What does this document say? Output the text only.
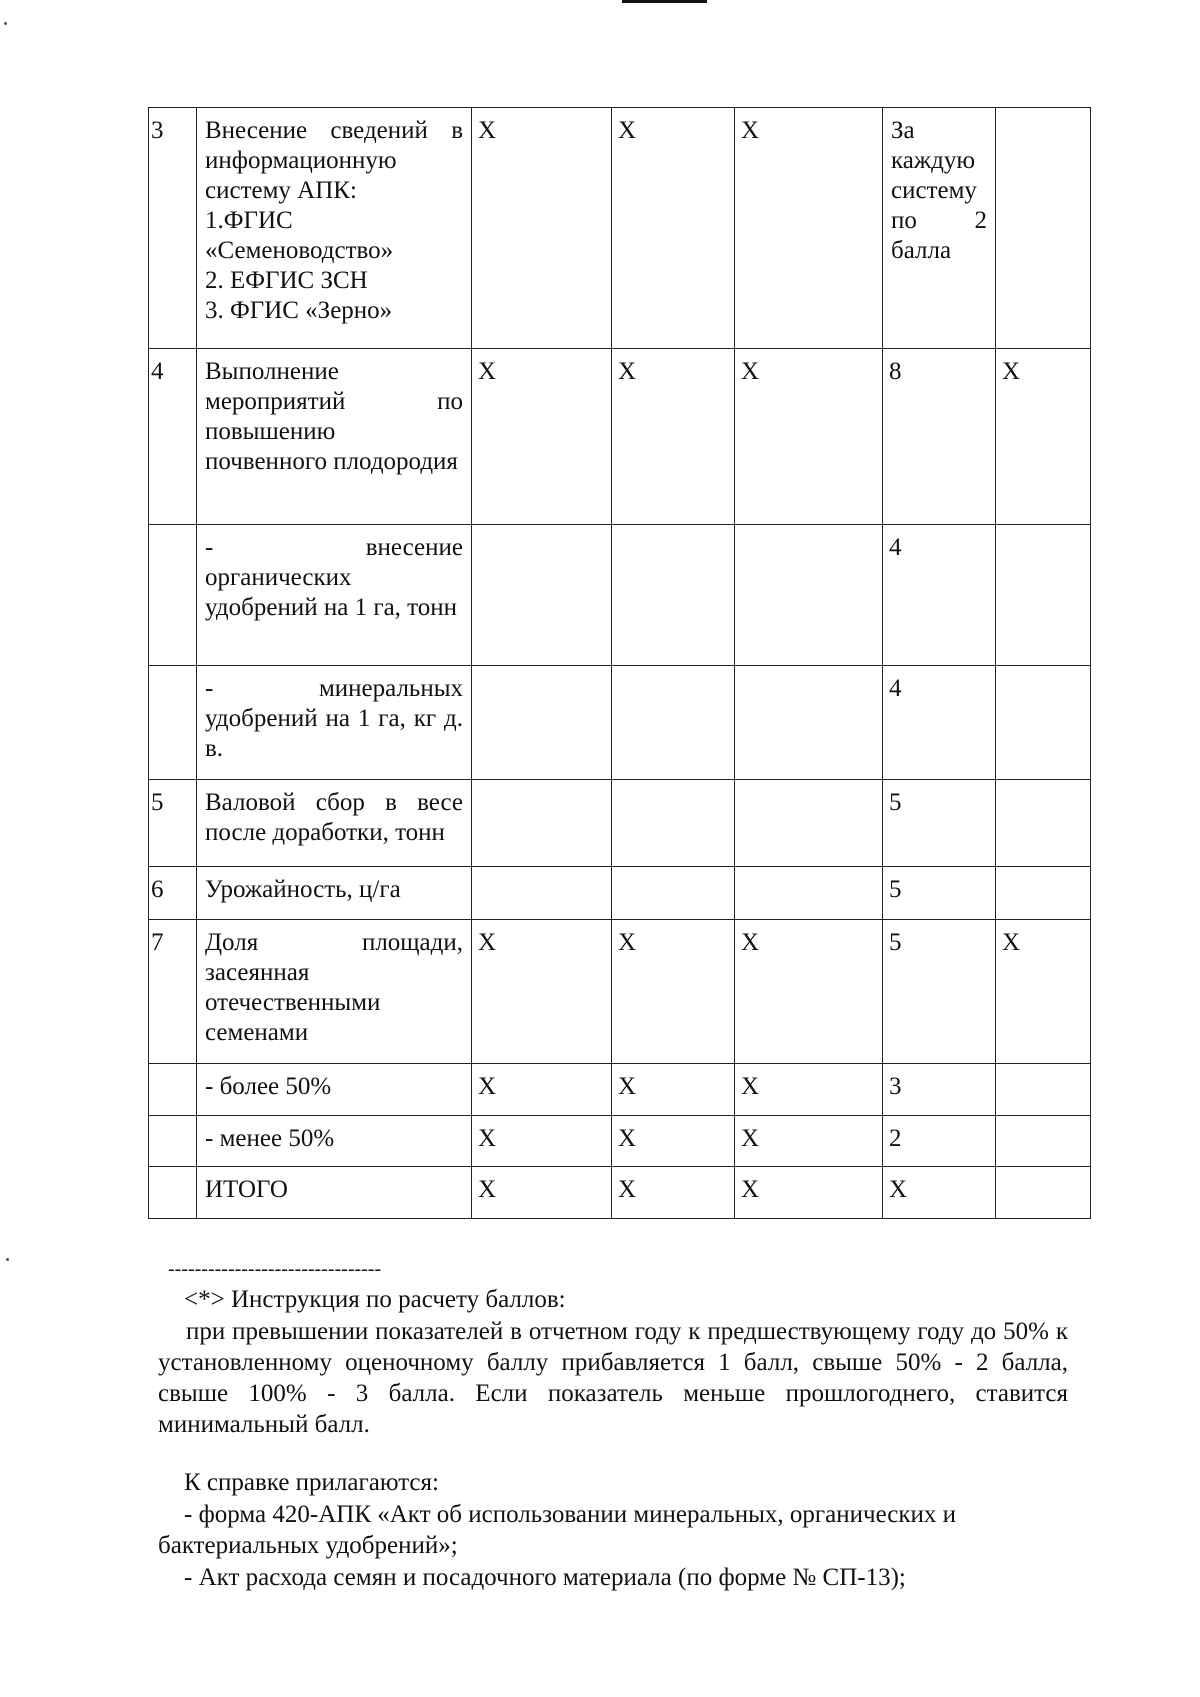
3	Внесение сведений в информационную систему АПК:
1.ФГИС «Семеноводство»
2. ЕФГИС ЗСН
3. ФГИС «Зерно»	Х	Х	Х	За каждую систему по 2 балла	
4	Выполнение мероприятий по повышению почвенного плодородия	Х	Х	Х	8	Х
	- внесение органических удобрений на 1 га, тонн				4	
	- минеральных удобрений на 1 га, кг д. в.				4	
5	Валовой сбор в весе после доработки, тонн				5	
6	Урожайность, ц/га				5	
7	Доля площади, засеянная отечественными семенами	Х	Х	Х	5	Х
	- более 50%	Х	Х	Х	3	
	- менее 50%	Х	Х	Х	2	
	ИТОГО	Х	Х	Х	Х	
--------------------------------
<*> Инструкция по расчету баллов:
при превышении показателей в отчетном году к предшествующему году до 50% к установленному оценочному баллу прибавляется 1 балл, свыше 50% - 2 балла, свыше 100% - 3 балла. Если показатель меньше прошлогоднего, ставится минимальный балл.
К справке прилагаются:
- форма 420-АПК «Акт об использовании минеральных, органических и бактериальных удобрений»;
- Акт расхода семян и посадочного материала (по форме № СП-13);
